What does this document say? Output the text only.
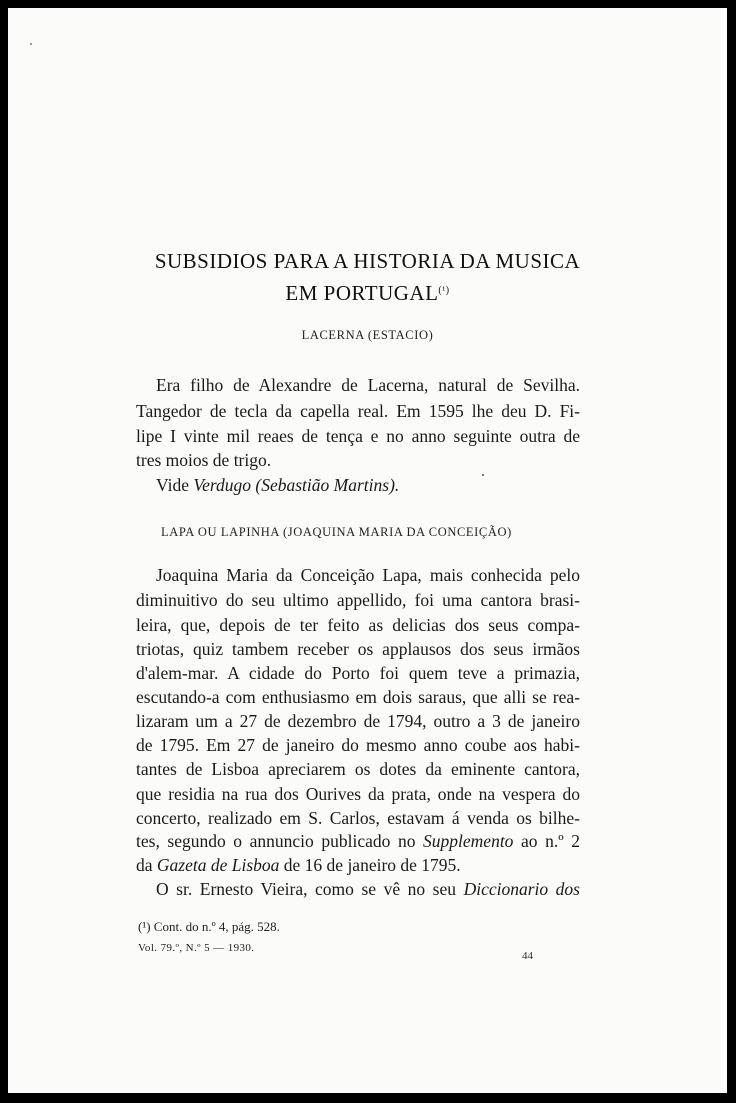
SUBSIDIOS PARA A HISTORIA DA MUSICA
EM $PORTUGAL^{(^1)}$
LACERNA (ESTACIO)
Era filho de Alexandre de Lacerna, natural de Sevilha.
Tangedor de tecla da capella real. Em 1595 lhe deu D. Fi-
lipe I vinte mil reaes de tença e no anno seguinte outra de
tres moios de trigo.
Vide Verdugo (Sebastião Martins).
LAPA OU LAPINHA (JOAQUINA MARIA DA CONCEIÇÃO)
Joaquina Maria da Conceição Lapa, mais conhecida pelo
diminuitivo do seu ultimo appellido, foi uma cantora brasi-
leira, que, depois de ter feito as delicias dos seus compa-
triotas, quiz tambem receber os applausos dos seus irmãos
d'alem-mar. A cidade do Porto foi quem teve a primazia,
escutando-a com enthusiasmo em dois saraus, que alli se rea-
lizaram um a 27 de dezembro de 1794, outro a 3 de janeiro
de 1795. Em 27 de janeiro do mesmo anno coube aos habi-
tantes de Lisboa apreciarem os dotes da eminente cantora,
que residia na rua dos Ourives da prata, onde na vespera do
concerto, realizado em S. Carlos, estavam á venda os bilhe-
tes, segundo o annuncio publicado no Supplemento ao n.º 2
da Gazeta de Lisboa de 16 de janeiro de 1795.
O sr. Ernesto Vieira, como se vê no seu Diccionario dos
(¹) Cont. do n.º 4, pág. 528.
Vol. 79.º, N.º 5 — 1930.
44
